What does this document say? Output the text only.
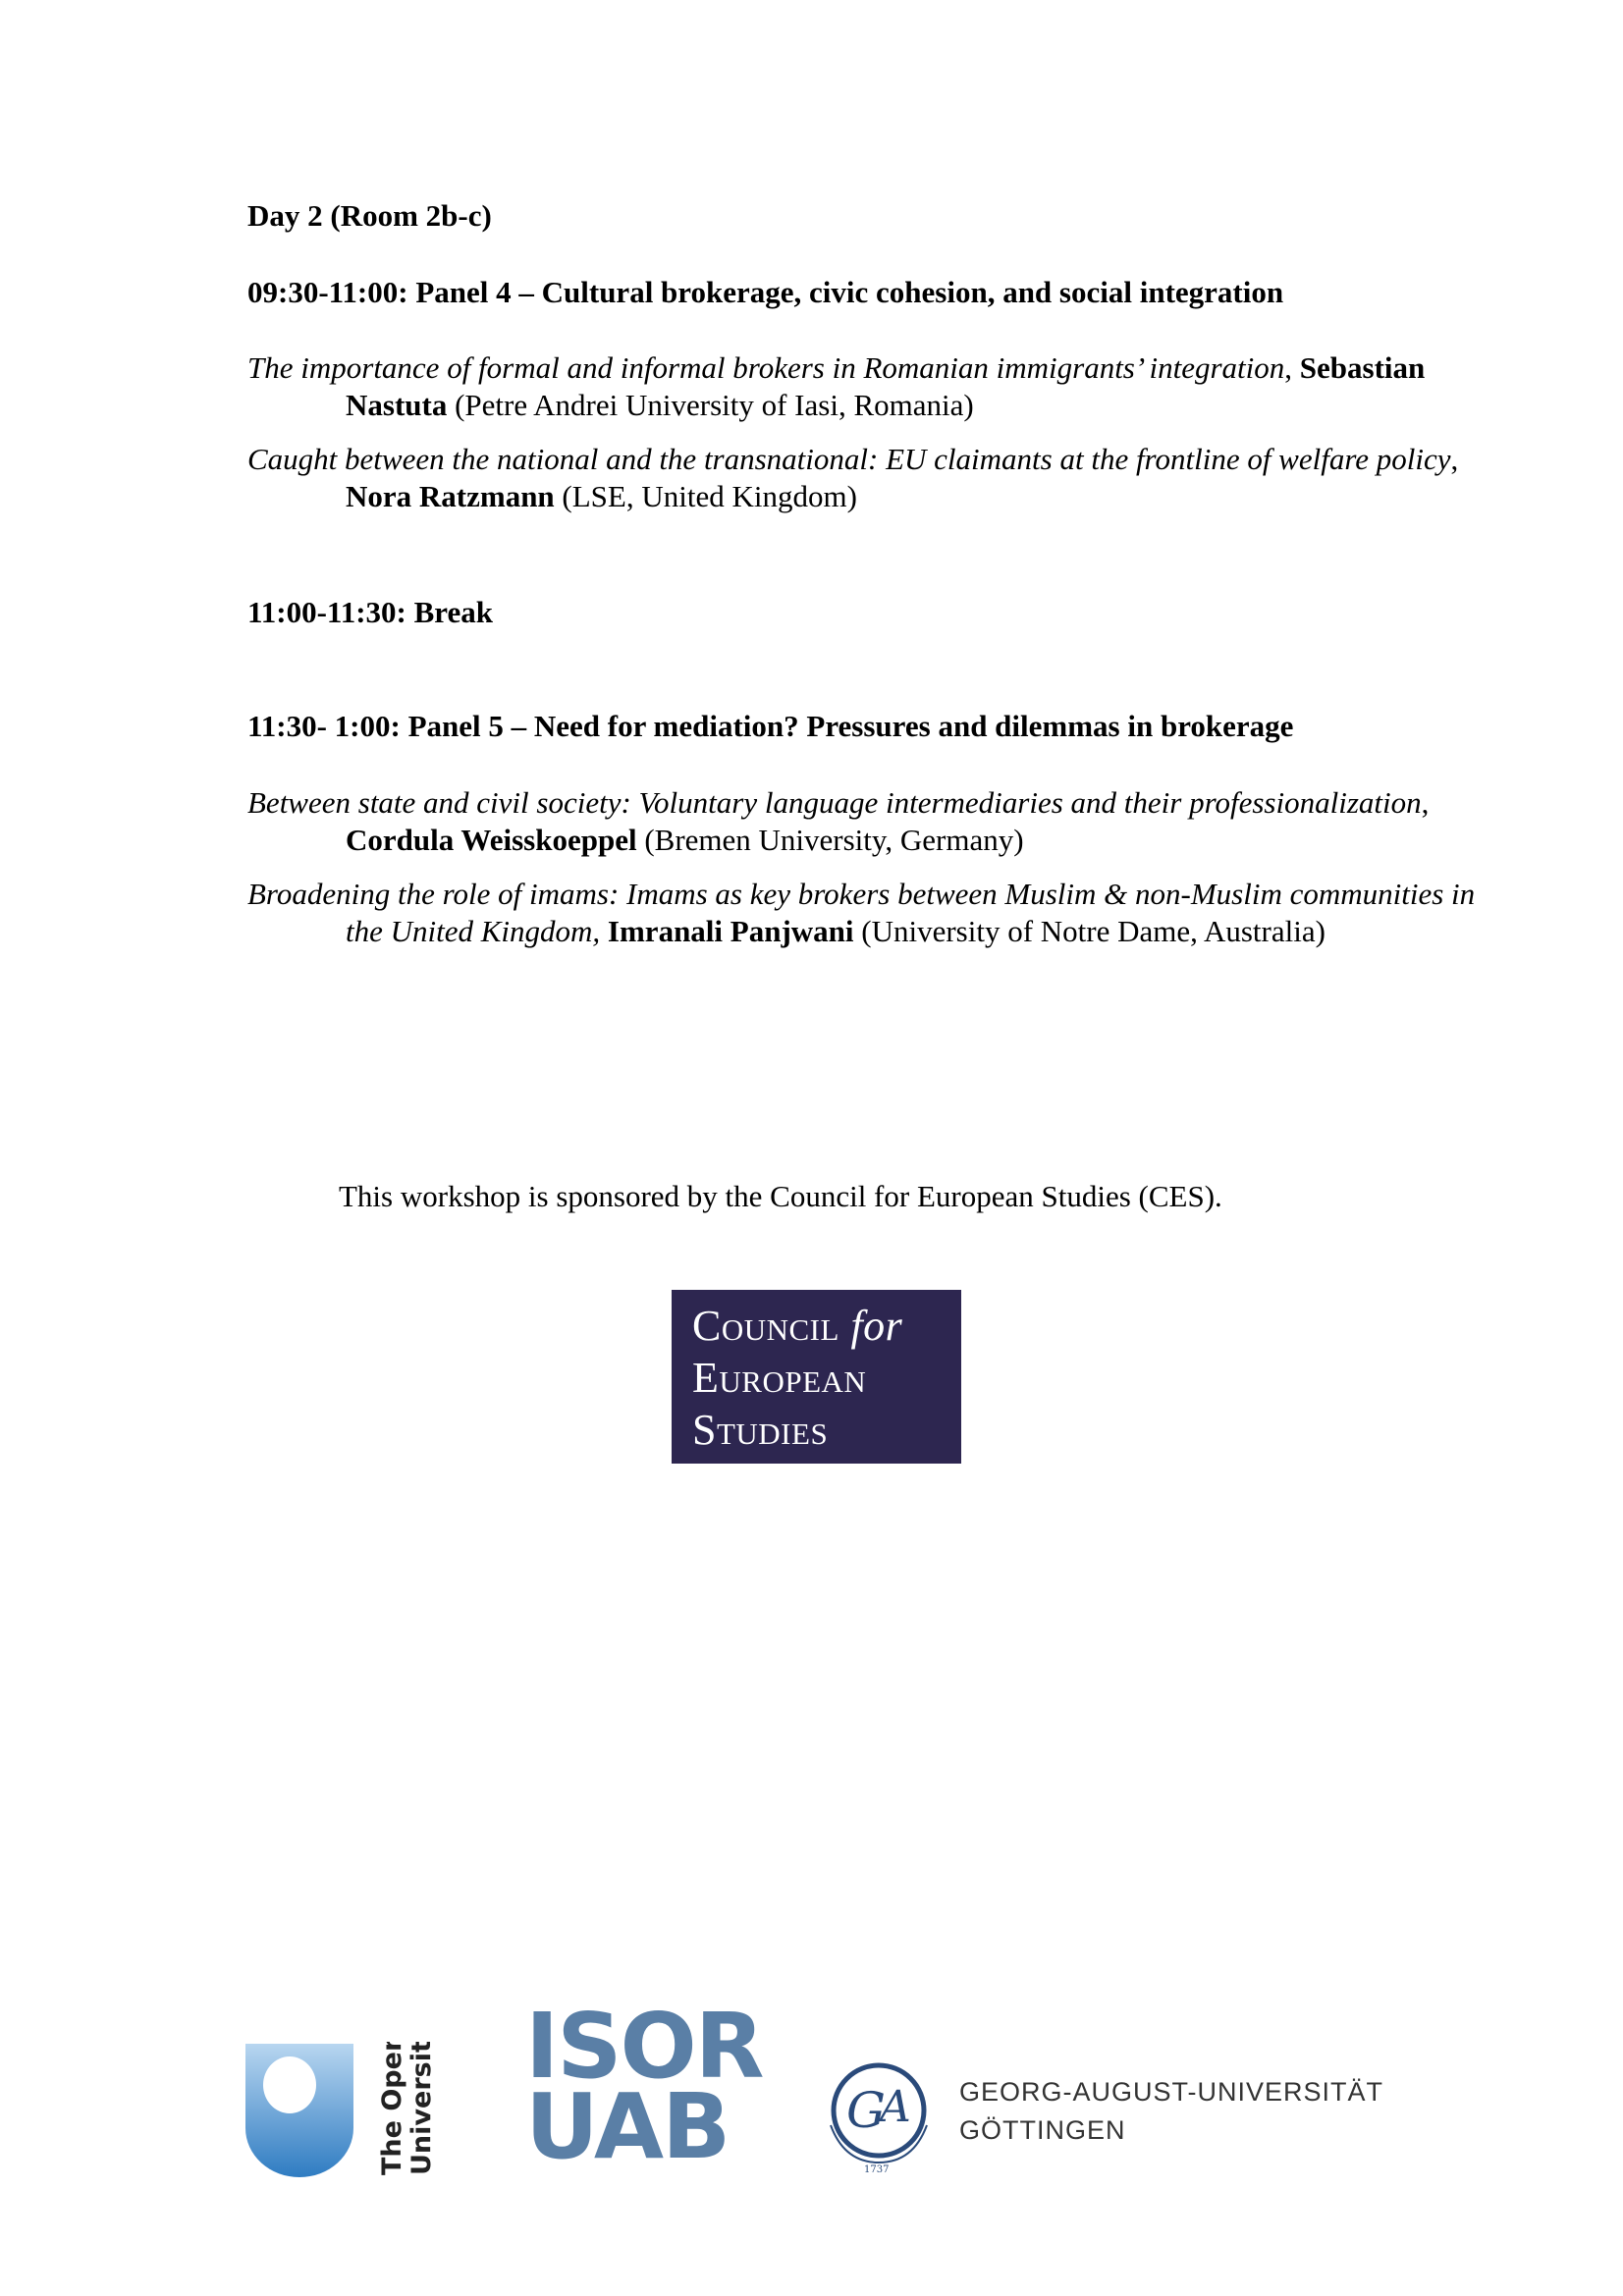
Day 2 (Room 2b-c)
09:30-11:00: Panel 4 – Cultural brokerage, civic cohesion, and social integration
The importance of formal and informal brokers in Romanian immigrants’ integration, Sebastian Nastuta (Petre Andrei University of Iasi, Romania)
Caught between the national and the transnational: EU claimants at the frontline of welfare policy, Nora Ratzmann (LSE, United Kingdom)
11:00-11:30: Break
11:30- 1:00: Panel 5 – Need for mediation? Pressures and dilemmas in brokerage
Between state and civil society: Voluntary language intermediaries and their professionalization, Cordula Weisskoeppel (Bremen University, Germany)
Broadening the role of imams: Imams as key brokers between Muslim & non-Muslim communities in the United Kingdom, Imranali Panjwani (University of Notre Dame, Australia)
This workshop is sponsored by the Council for European Studies (CES).
Council for
European
Studies
The Open University ISOR
UAB G
A
1737
GEORG-AUGUST-UNIVERSITÄT
GÖTTINGEN
